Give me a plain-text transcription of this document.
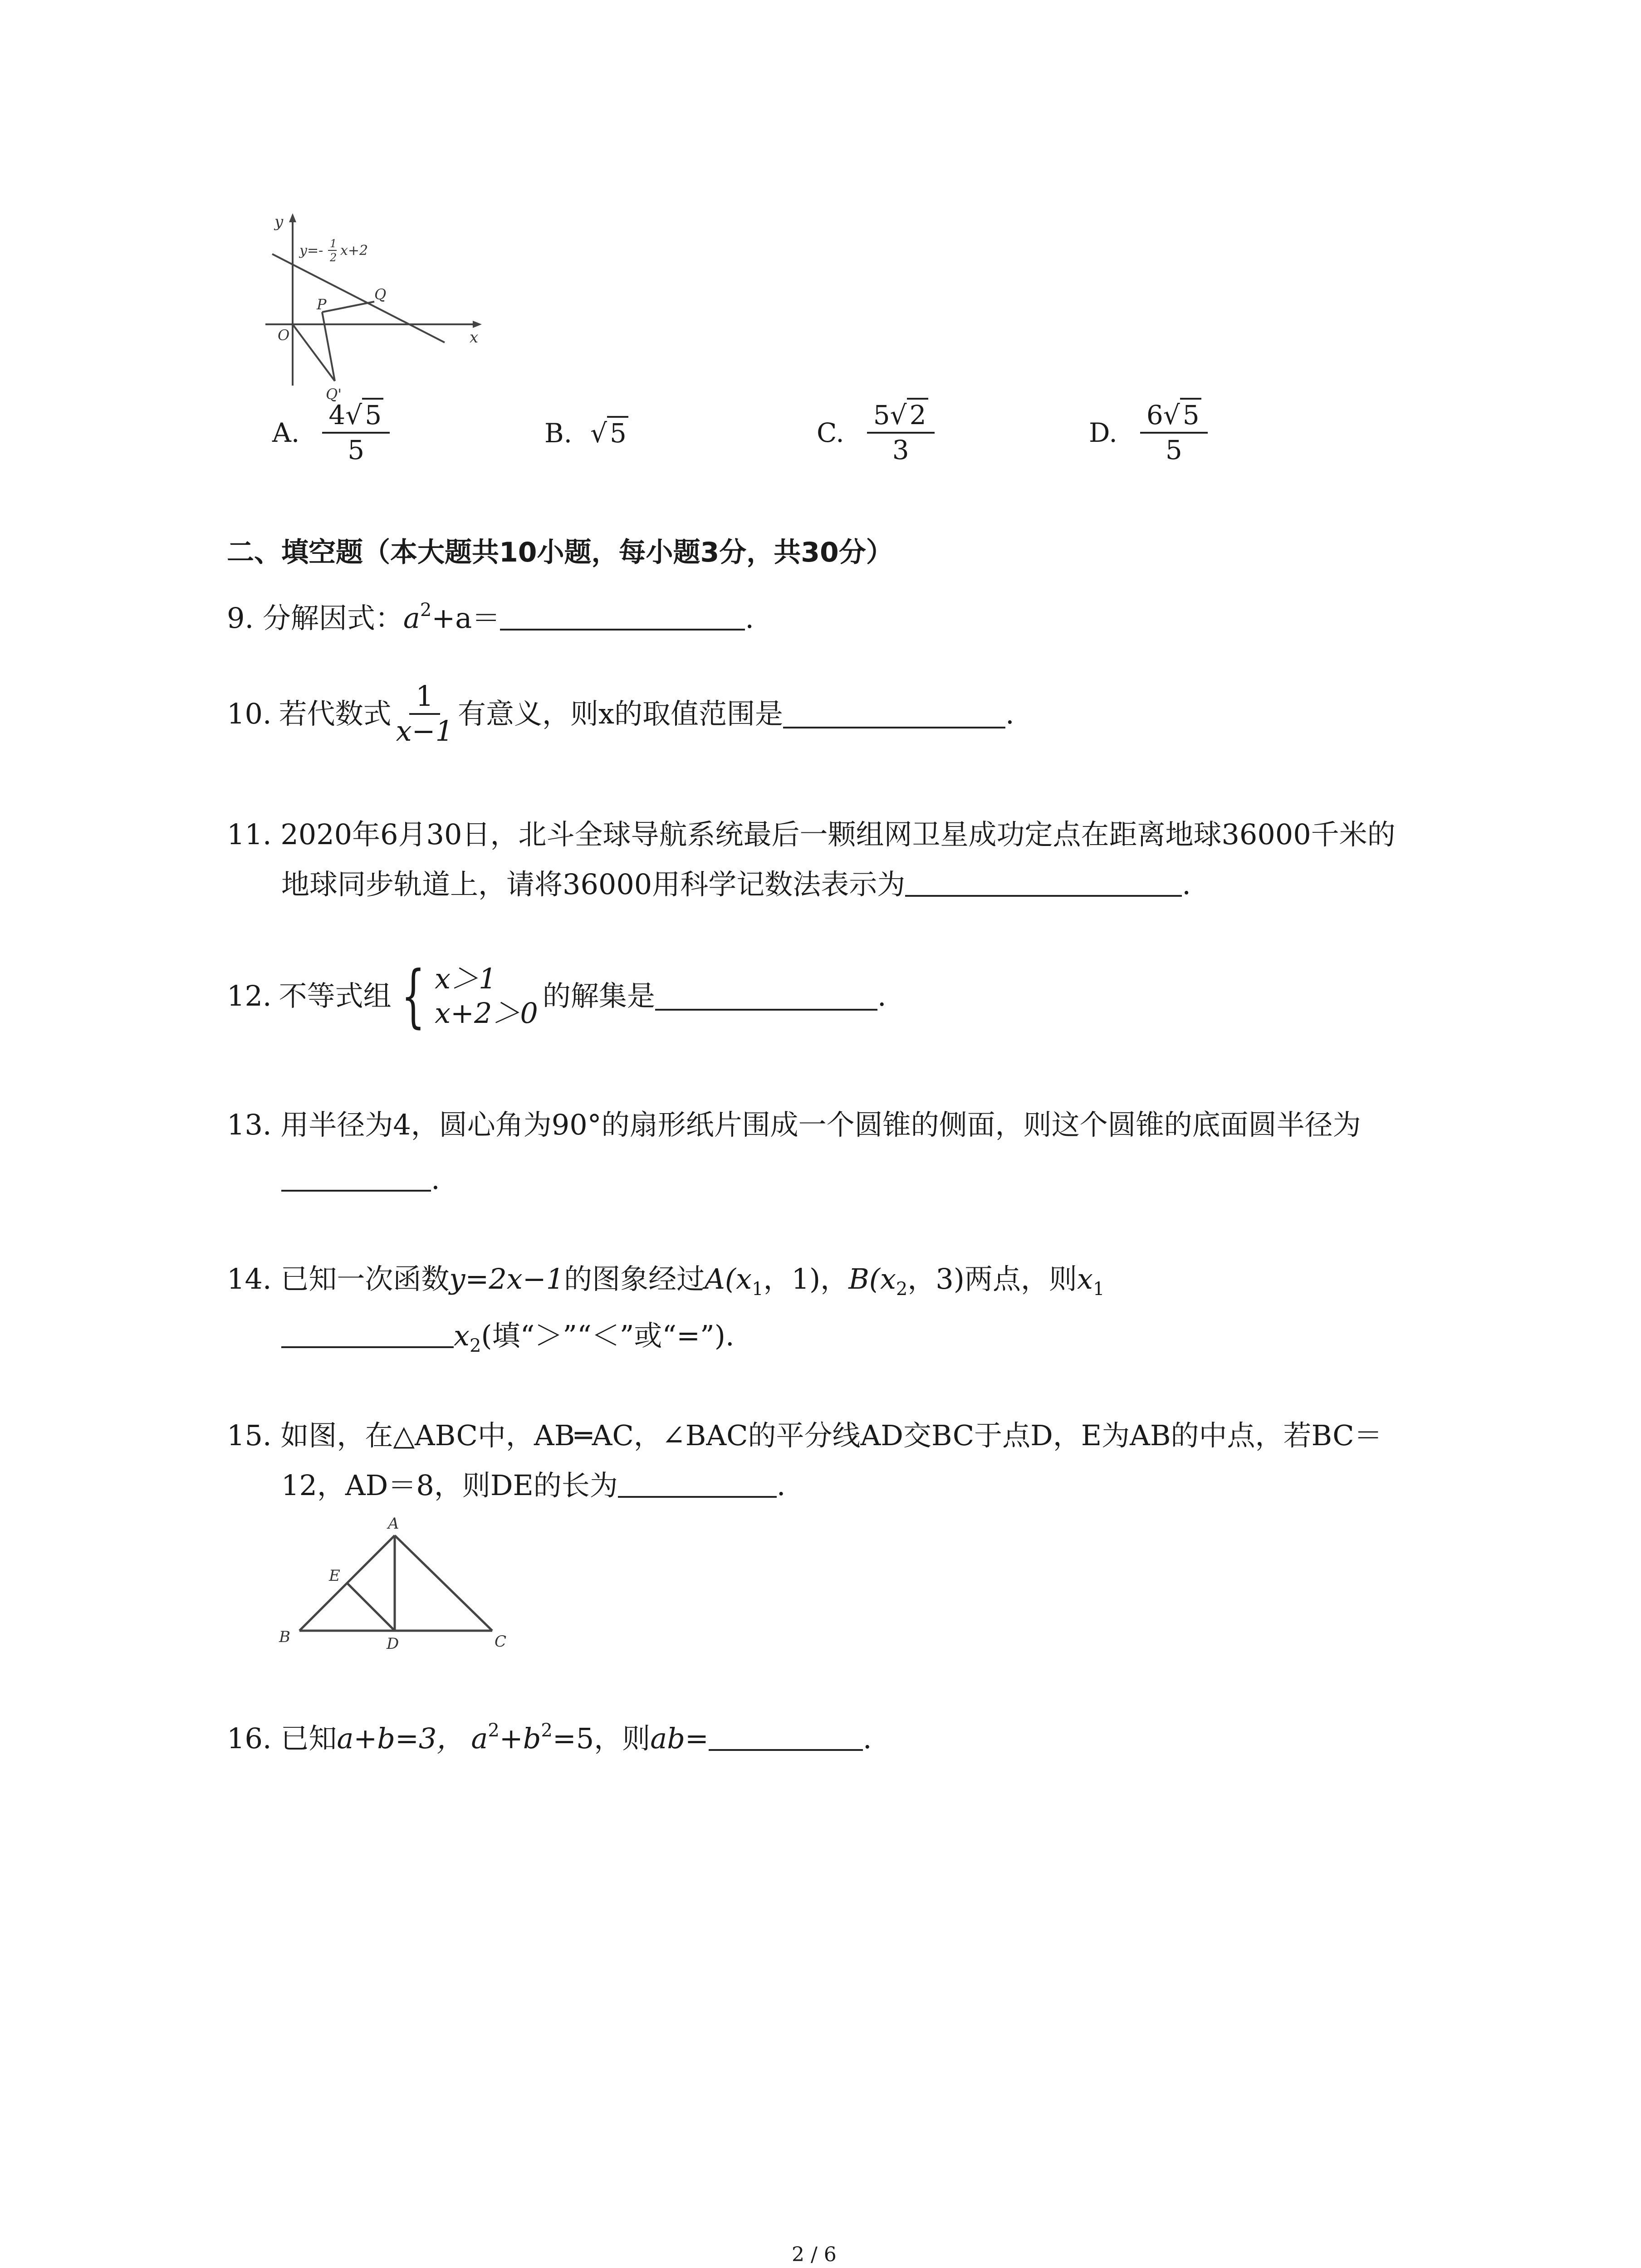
y
x
y=- 1
2 x+2
O
P
Q
Q'
A. $\frac{4√ 5}{5}$	B. √ 5	C. $\frac{5√ 2}{3}$	D. $\frac{6√ 5}{5}$
二、填空题（本大题共10小题，每小题3分，共30分）
9. 分解因式：$a^2+a=$	.
10. 若代数式 $\frac{1}{x-1}$ 有意义，则x的取值范围是	.
11. 2020年6月30日，北斗全球导航系统最后一颗组网卫星成功定点在距离地球36000千米的
地球同步轨道上，请将36000用科学记数法表示为	.
12. 不等式组 { x＞1
x+2＞0
的解集是	.
13. 用半径为4，圆心角为90°的扇形纸片围成一个圆锥的侧面，则这个圆锥的底面圆半径为
.
14. 已知一次函数y=2x−1的图象经过$A(x_1$，1)，$B(x_2$，3)两点，则$x_1$
$x_2$(填“＞”“＜”或“=”).
15. 如图，在△ABC中，AB═AC，∠BAC的平分线AD交BC于点D，E为AB的中点，若BC＝
12，AD＝8，则DE的长为	.
A
B	C
D
E
16. 已知a+b=3， $a^2+b^2=5$，则ab=	.
2 / 6
